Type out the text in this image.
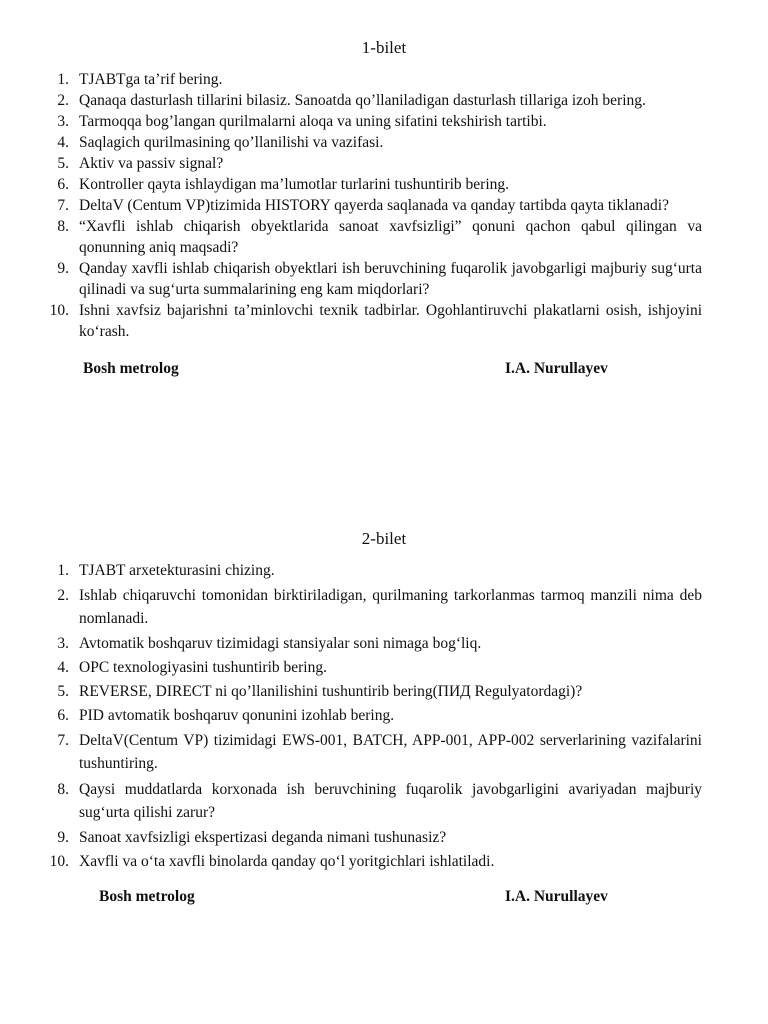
1-bilet
1. TJABTga ta’rif bering.
2. Qanaqa dasturlash tillarini bilasiz. Sanoatda qo’llaniladigan dasturlash tillariga izoh bering.
3. Tarmoqqa bog’langan qurilmalarni aloqa va uning sifatini tekshirish tartibi.
4. Saqlagich qurilmasining qo’llanilishi va vazifasi.
5. Aktiv va passiv signal?
6. Kontroller qayta ishlaydigan ma’lumotlar turlarini tushuntirib bering.
7. DeltaV (Centum VP)tizimida HISTORY qayerda saqlanada va qanday tartibda qayta tiklanadi?
8. “Xavfli ishlab chiqarish obyektlarida sanoat xavfsizligi” qonuni qachon qabul qilingan va qonunning aniq maqsadi?
9. Qanday xavfli ishlab chiqarish obyektlari ish beruvchining fuqarolik javobgarligi majburiy sug‘urta qilinadi va sug‘urta summalarining eng kam miqdorlari?
10. Ishni xavfsiz bajarishni ta’minlovchi texnik tadbirlar. Ogohlantiruvchi plakatlarni osish, ishjoyini ko‘rash.
Bosh metrolog	I.A. Nurullayev
2-bilet
1. TJABT arxetekturasini chizing.
2. Ishlab chiqaruvchi tomonidan birktiriladigan, qurilmaning tarkorlanmas tarmoq manzili nima deb nomlanadi.
3. Avtomatik boshqaruv tizimidagi stansiyalar soni nimaga bog‘liq.
4. OPC texnologiyasini tushuntirib bering.
5. REVERSE, DIRECT ni qo’llanilishini tushuntirib bering(ПИД Regulyatordagi)?
6. PID avtomatik boshqaruv qonunini izohlab bering.
7. DeltaV(Centum VP) tizimidagi EWS-001, BATCH, APP-001, APP-002 serverlarining vazifalarini tushuntiring.
8. Qaysi muddatlarda korxonada ish beruvchining fuqarolik javobgarligini avariyadan majburiy sug‘urta qilishi zarur?
9. Sanoat xavfsizligi ekspertizasi deganda nimani tushunasiz?
10. Xavfli va o‘ta xavfli binolarda qanday qo‘l yoritgichlari ishlatiladi.
Bosh metrolog	I.A. Nurullayev
